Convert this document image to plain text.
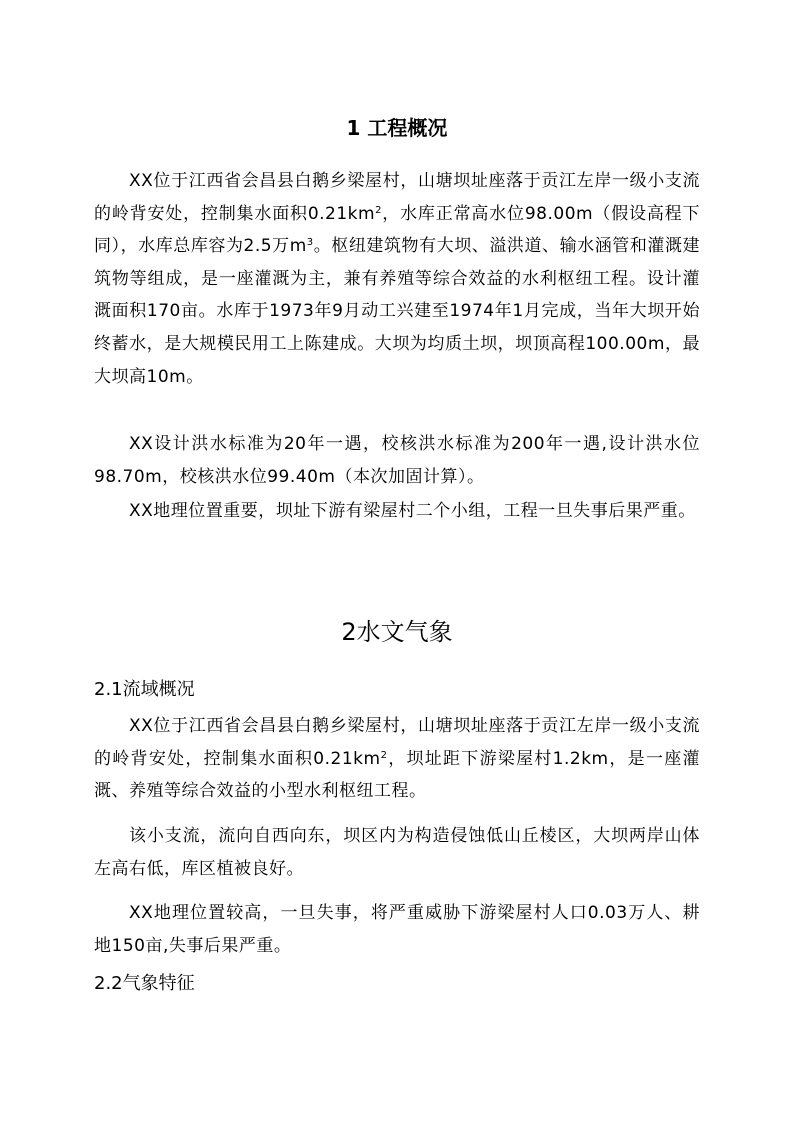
1 工程概况
XX位于江西省会昌县白鹅乡梁屋村，山塘坝址座落于贡江左岸一级小支流的岭背安处，控制集水面积$0.21km^2$，水库正常高水位98.00m（假设高程下同），水库总库容为2.5万$m^3$。枢纽建筑物有大坝、溢洪道、输水涵管和灌溉建筑物等组成，是一座灌溉为主，兼有养殖等综合效益的水利枢纽工程。设计灌溉面积170亩。水库于1973年9月动工兴建至1974年1月完成，当年大坝开始终蓄水，是大规模民用工上陈建成。大坝为均质土坝，坝顶高程100.00m，最大坝高10m。
XX设计洪水标准为20年一遇，校核洪水标准为200年一遇,设计洪水位98.70m，校核洪水位99.40m（本次加固计算）。
XX地理位置重要，坝址下游有梁屋村二个小组，工程一旦失事后果严重。
2水文气象
2.1流域概况
XX位于江西省会昌县白鹅乡梁屋村，山塘坝址座落于贡江左岸一级小支流的岭背安处，控制集水面积$0.21km^2$，坝址距下游梁屋村1.2km，是一座灌溉、养殖等综合效益的小型水利枢纽工程。
该小支流，流向自西向东，坝区内为构造侵蚀低山丘棱区，大坝两岸山体左高右低，库区植被良好。
XX地理位置较高，一旦失事，将严重威胁下游梁屋村人口0.03万人、耕地150亩,失事后果严重。
2.2气象特征
